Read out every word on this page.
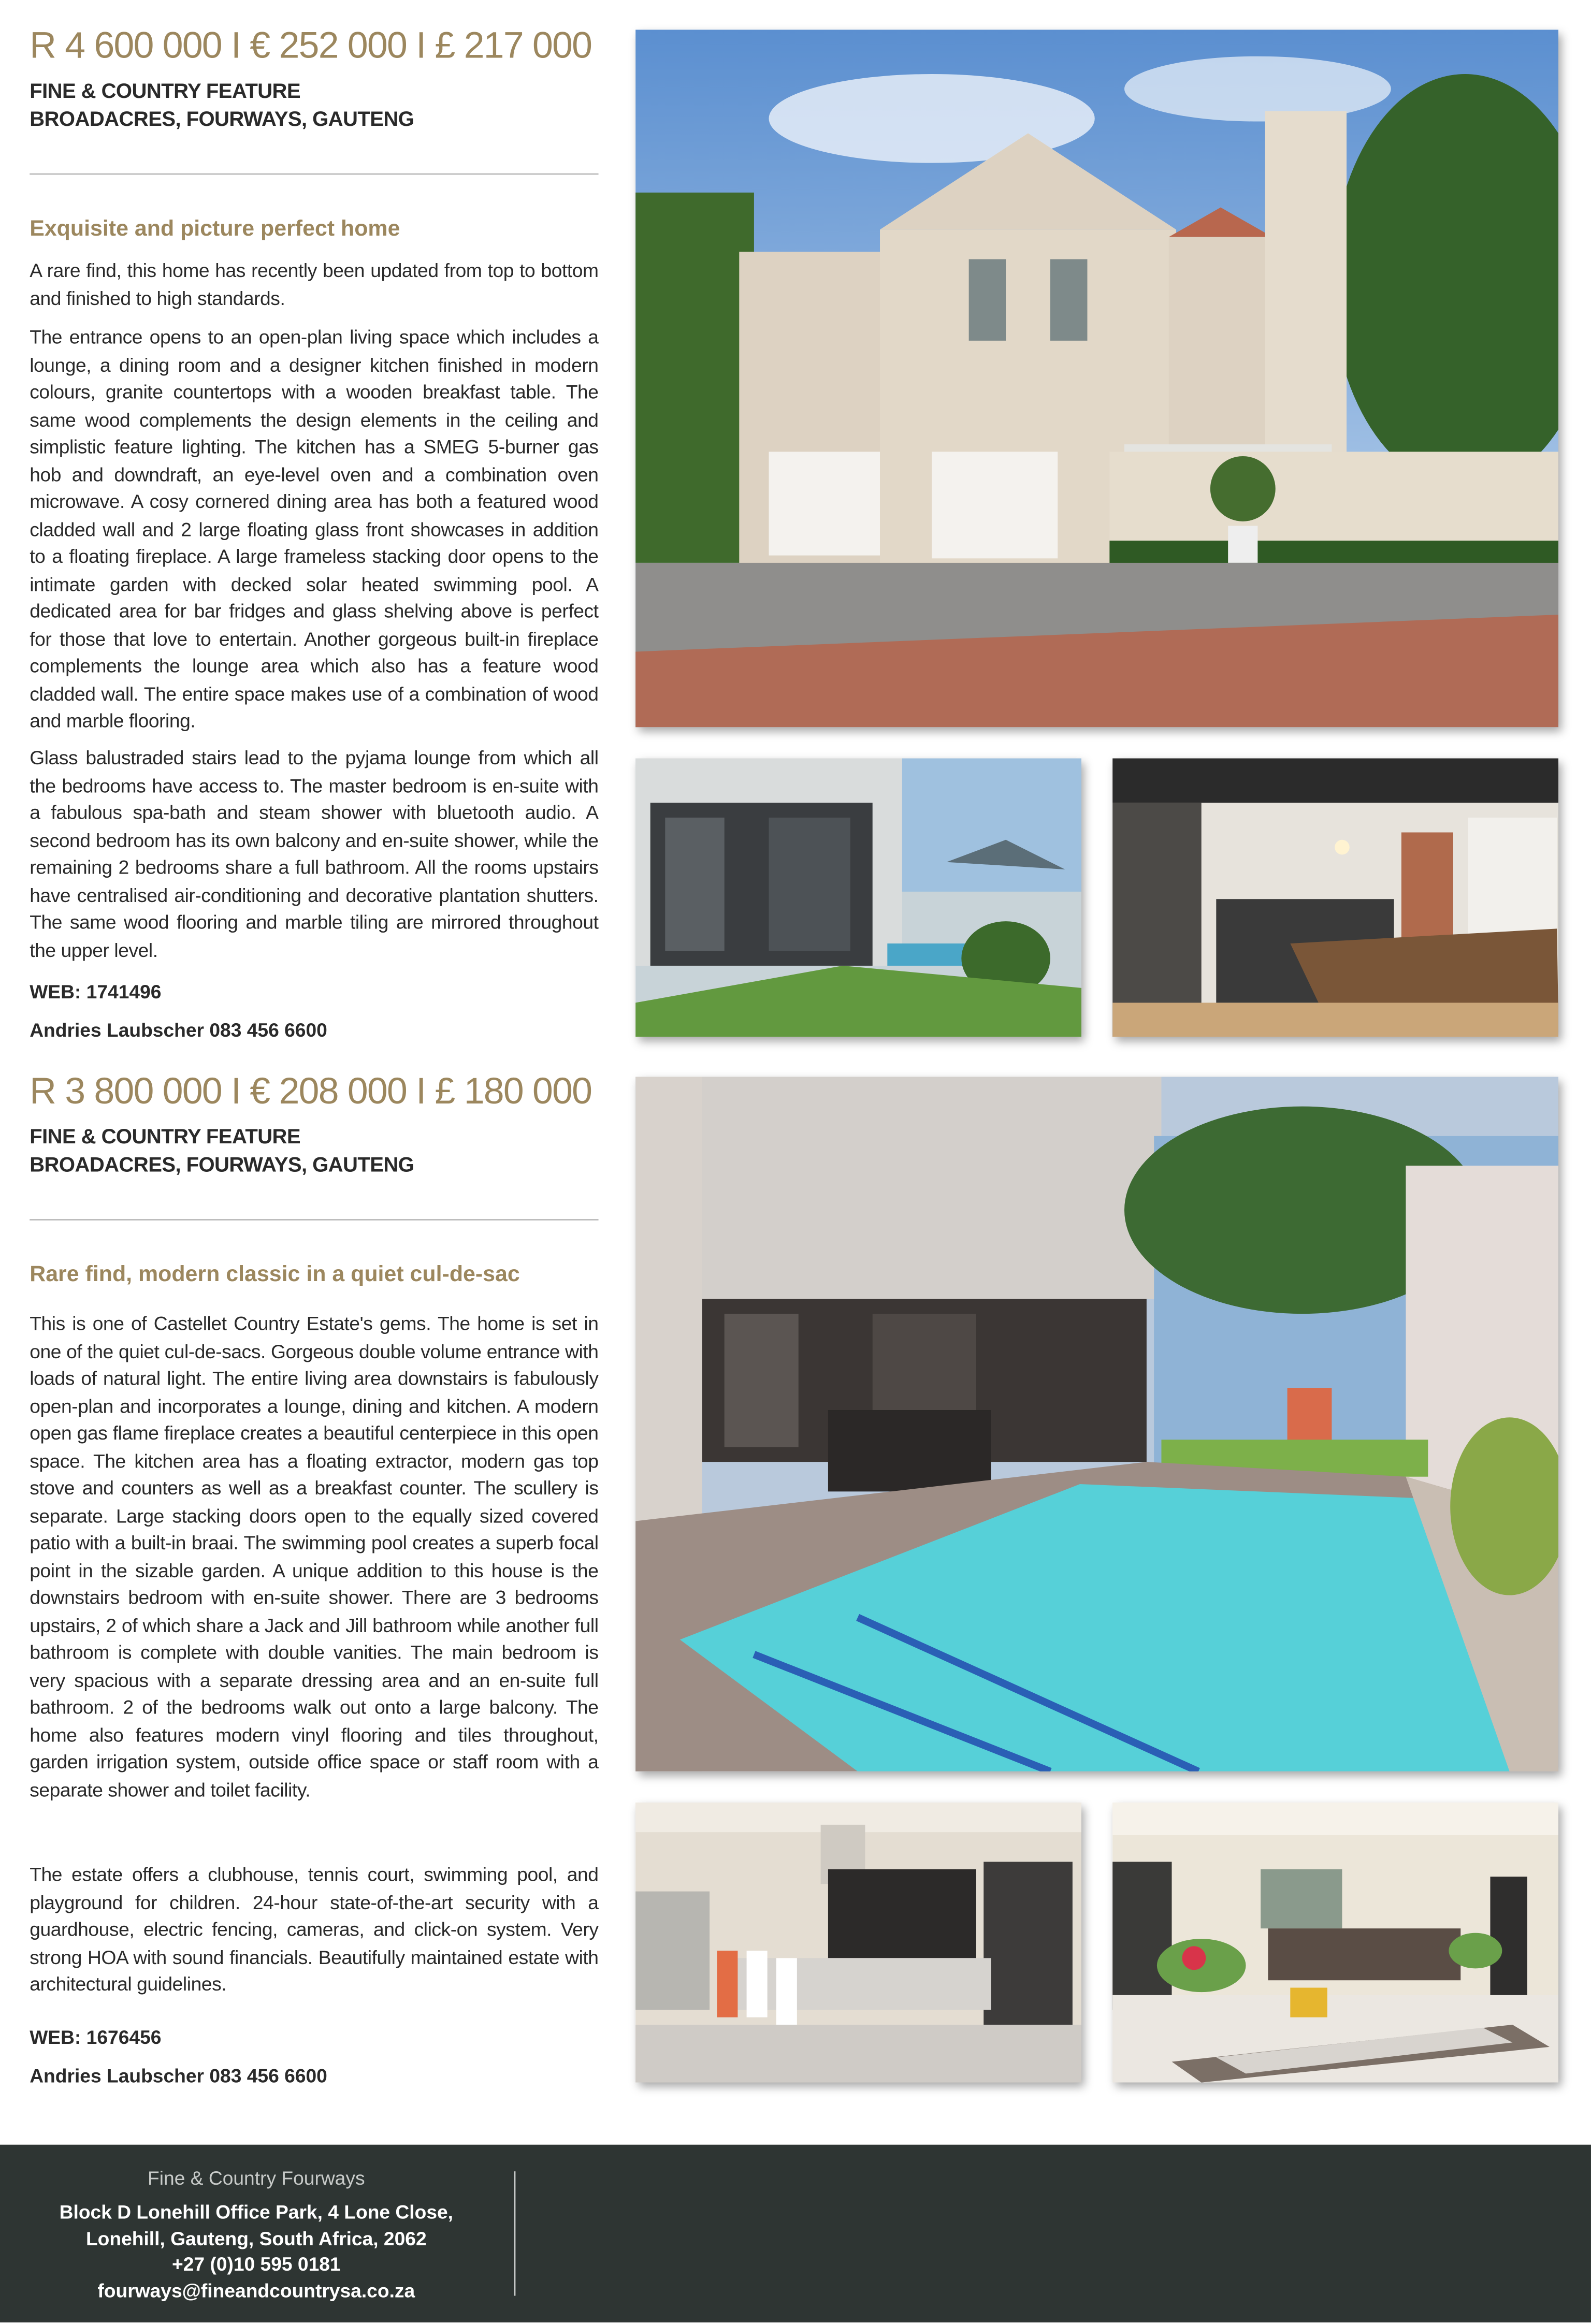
R 4 600 000 I € 252 000 I £ 217 000

FINE & COUNTRY FEATURE

BROADACRES, FOURWAYS, GAUTENG

Exquisite and picture perfect home

A rare find, this home has recently been updated from top to bottom and finished to high standards.

The entrance opens to an open-plan living space which includes a lounge, a dining room and a designer kitchen finished in modern colours, granite countertops with a wooden breakfast table. The same wood complements the design elements in the ceiling and simplistic feature lighting. The kitchen has a SMEG 5-burner gas hob and downdraft, an eye-level oven and a combination oven microwave. A cosy cornered dining area has both a featured wood cladded wall and 2 large floating glass front showcases in addition to a floating fireplace. A large frameless stacking door opens to the intimate garden with decked solar heated swimming pool. A dedicated area for bar fridges and glass shelving above is perfect for those that love to entertain. Another gorgeous built-in fireplace complements the lounge area which also has a feature wood cladded wall. The entire space makes use of a combination of wood and marble flooring.

Glass balustraded stairs lead to the pyjama lounge from which all the bedrooms have access to. The master bedroom is en-suite with a fabulous spa-bath and steam shower with bluetooth audio. A second bedroom has its own balcony and en-suite shower, while the remaining 2 bedrooms share a full bathroom. All the rooms upstairs have centralised air-conditioning and decorative plantation shutters. The same wood flooring and marble tiling are mirrored throughout the upper level.

WEB: 1741496

Andries Laubscher 083 456 6600

R 3 800 000 I € 208 000 I £ 180 000

FINE & COUNTRY FEATURE

BROADACRES, FOURWAYS, GAUTENG

Rare find, modern classic in a quiet cul-de-sac

This is one of Castellet Country Estate's gems. The home is set in one of the quiet cul-de-sacs. Gorgeous double volume entrance with loads of natural light. The entire living area downstairs is fabulously open-plan and incorporates a lounge, dining and kitchen. A modern open gas flame fireplace creates a beautiful centerpiece in this open space. The kitchen area has a floating extractor, modern gas top stove and counters as well as a breakfast counter. The scullery is separate. Large stacking doors open to the equally sized covered patio with a built-in braai. The swimming pool creates a superb focal point in the sizable garden. A unique addition to this house is the downstairs bedroom with en-suite shower. There are 3 bedrooms upstairs, 2 of which share a Jack and Jill bathroom while another full bathroom is complete with double vanities. The main bedroom is very spacious with a separate dressing area and an en-suite full bathroom. 2 of the bedrooms walk out onto a large balcony. The home also features modern vinyl flooring and tiles throughout, garden irrigation system, outside office space or staff room with a separate shower and toilet facility.

The estate offers a clubhouse, tennis court, swimming pool, and playground for children. 24-hour state-of-the-art security with a guardhouse, electric fencing, cameras, and click-on system. Very strong HOA with sound financials. Beautifully maintained estate with architectural guidelines.

WEB: 1676456

Andries Laubscher 083 456 6600

Fine & Country Fourways

Block D Lonehill Office Park, 4 Lone Close,

Lonehill, Gauteng, South Africa, 2062

+27 (0)10 595 0181

fourways@fineandcountrysa.co.za
